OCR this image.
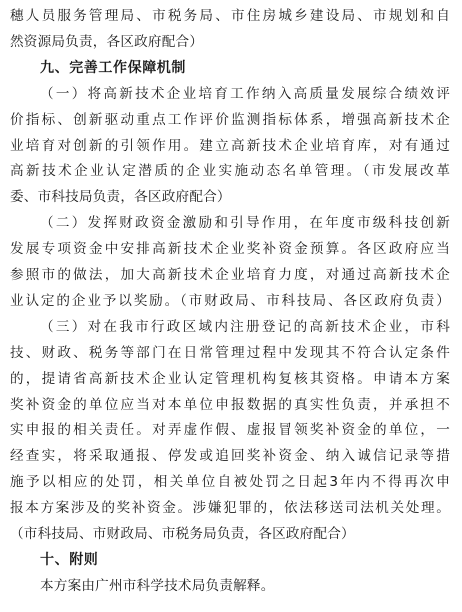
穗人员服务管理局、市税务局、市住房城乡建设局、市规划和自
然资源局负责，各区政府配合）
九、完善工作保障机制
（一）将高新技术企业培育工作纳入高质量发展综合绩效评
价指标、创新驱动重点工作评价监测指标体系，增强高新技术企
业培育对创新的引领作用。建立高新技术企业培育库，对有通过
高新技术企业认定潜质的企业实施动态名单管理。（市发展改革
委、市科技局负责，各区政府配合）
（二）发挥财政资金激励和引导作用，在年度市级科技创新
发展专项资金中安排高新技术企业奖补资金预算。各区政府应当
参照市的做法，加大高新技术企业培育力度，对通过高新技术企
业认定的企业予以奖励。（市财政局、市科技局、各区政府负责）
（三）对在我市行政区域内注册登记的高新技术企业，市科
技、财政、税务等部门在日常管理过程中发现其不符合认定条件
的，提请省高新技术企业认定管理机构复核其资格。申请本方案
奖补资金的单位应当对本单位申报数据的真实性负责，并承担不
实申报的相关责任。对弄虚作假、虚报冒领奖补资金的单位，一
经查实，将采取通报、停发或追回奖补资金、纳入诚信记录等措
施予以相应的处罚，相关单位自被处罚之日起3年内不得再次申
报本方案涉及的奖补资金。涉嫌犯罪的，依法移送司法机关处理。
（市科技局、市财政局、市税务局负责，各区政府配合）
十、附则
本方案由广州市科学技术局负责解释。
